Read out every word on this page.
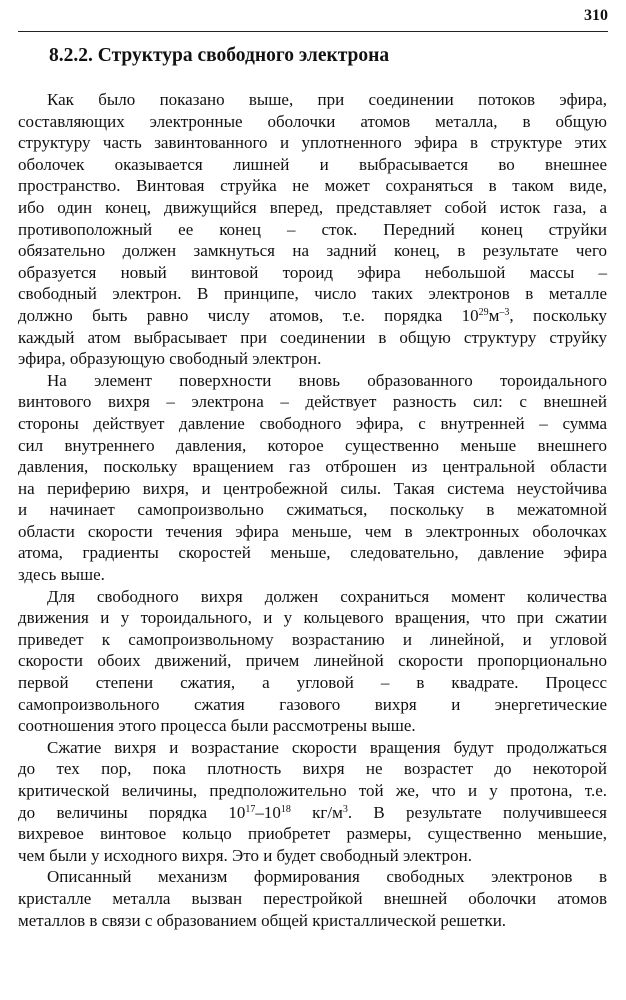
310
8.2.2. Структура свободного электрона
Как было показано выше, при соединении потоков эфира,
составляющих электронные оболочки атомов металла, в общую
структуру часть завинтованного и уплотненного эфира в структуре этих
оболочек оказывается лишней и выбрасывается во внешнее
пространство. Винтовая струйка не может сохраняться в таком виде,
ибо один конец, движущийся вперед, представляет собой исток газа, а
противоположный ее конец – сток. Передний конец струйки
обязательно должен замкнуться на задний конец, в результате чего
образуется новый винтовой тороид эфира небольшой массы –
свободный электрон. В принципе, число таких электронов в металле
должно быть равно числу атомов, т.е. порядка $10^{29}м^{-3}$, поскольку
каждый атом выбрасывает при соединении в общую структуру струйку
эфира, образующую свободный электрон.
На элемент поверхности вновь образованного тороидального
винтового вихря – электрона – действует разность сил: с внешней
стороны действует давление свободного эфира, с внутренней – сумма
сил внутреннего давления, которое существенно меньше внешнего
давления, поскольку вращением газ отброшен из центральной области
на периферию вихря, и центробежной силы. Такая система неустойчива
и начинает самопроизвольно сжиматься, поскольку в межатомной
области скорости течения эфира меньше, чем в электронных оболочках
атома, градиенты скоростей меньше, следовательно, давление эфира
здесь выше.
Для свободного вихря должен сохраниться момент количества
движения и у тороидального, и у кольцевого вращения, что при сжатии
приведет к самопроизвольному возрастанию и линейной, и угловой
скорости обоих движений, причем линейной скорости пропорционально
первой степени сжатия, а угловой – в квадрате. Процесс
самопроизвольного сжатия газового вихря и энергетические
соотношения этого процесса были рассмотрены выше.
Сжатие вихря и возрастание скорости вращения будут продолжаться
до тех пор, пока плотность вихря не возрастет до некоторой
критической величины, предположительно той же, что и у протона, т.е.
до величины порядка $10^{17}-10^{18}$ $кг/м^3$. В результате получившееся
вихревое винтовое кольцо приобретет размеры, существенно меньшие,
чем были у исходного вихря. Это и будет свободный электрон.
Описанный механизм формирования свободных электронов в
кристалле металла вызван перестройкой внешней оболочки атомов
металлов в связи с образованием общей кристаллической решетки.
